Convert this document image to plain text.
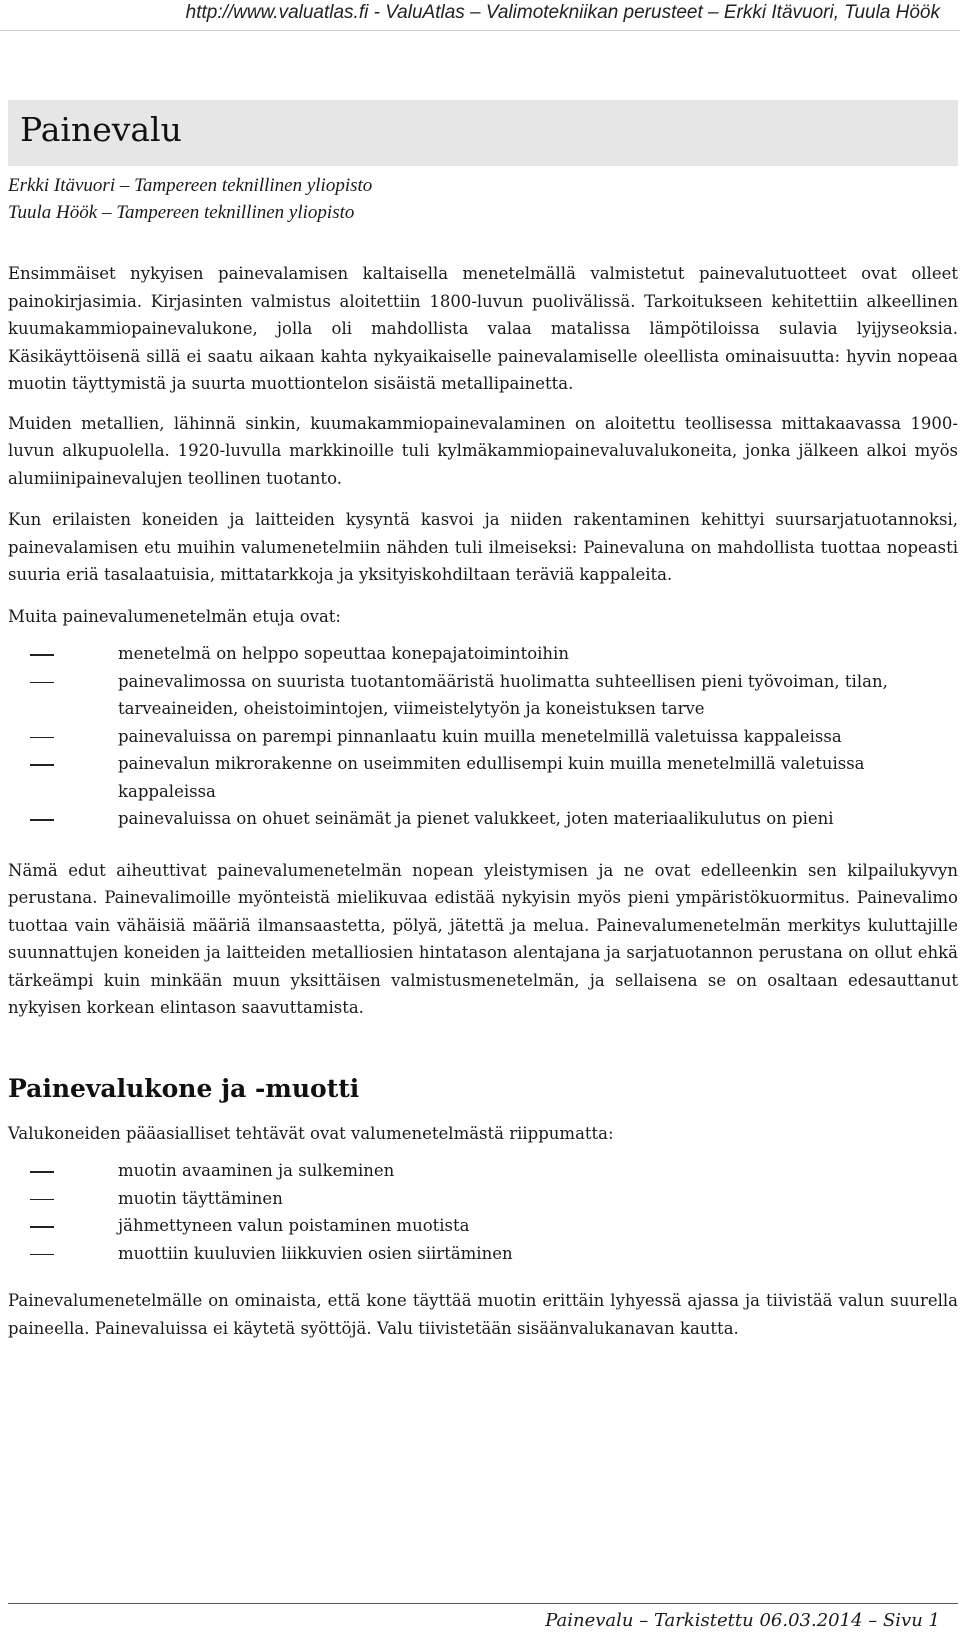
http://www.valuatlas.fi - ValuAtlas – Valimotekniikan perusteet – Erkki Itävuori, Tuula Höök
Painevalu
Erkki Itävuori – Tampereen teknillinen yliopisto
Tuula Höök – Tampereen teknillinen yliopisto

Ensimmäiset nykyisen painevalamisen kaltaisella menetelmällä valmistetut painevalutuotteet ovat olleet painokirjasimia. Kirjasinten valmistus aloitettiin 1800-luvun puolivälissä. Tarkoitukseen kehitettiin alkeellinen kuumakammiopainevalukone, jolla oli mahdollista valaa matalissa lämpötiloissa sulavia lyijyseoksia. Käsikäyttöisenä sillä ei saatu aikaan kahta nykyaikaiselle painevalamiselle oleellista ominaisuutta: hyvin nopeaa muotin täyttymistä ja suurta muottiontelon sisäistä metallipainetta.

Muiden metallien, lähinnä sinkin, kuumakammiopainevalaminen on aloitettu teollisessa mittakaavassa 1900-luvun alkupuolella. 1920-luvulla markkinoille tuli kylmäkammiopainevaluvalukoneita, jonka jälkeen alkoi myös alumiinipainevalujen teollinen tuotanto.

Kun erilaisten koneiden ja laitteiden kysyntä kasvoi ja niiden rakentaminen kehittyi suursarjatuotannoksi, painevalamisen etu muihin valumenetelmiin nähden tuli ilmeiseksi: Painevaluna on mahdollista tuottaa nopeasti suuria eriä tasalaatuisia, mittatarkkoja ja yksityiskohdiltaan teräviä kappaleita.

Muita painevalumenetelmän etuja ovat:

menetelmä on helppo sopeuttaa konepajatoimintoihin
painevalimossa on suurista tuotantomääristä huolimatta suhteellisen pieni työvoiman, tilan, tarveaineiden, oheistoimintojen, viimeistelytyön ja koneistuksen tarve
painevaluissa on parempi pinnanlaatu kuin muilla menetelmillä valetuissa kappaleissa
painevalun mikrorakenne on useimmiten edullisempi kuin muilla menetelmillä valetuissa kappaleissa
painevaluissa on ohuet seinämät ja pienet valukkeet, joten materiaalikulutus on pieni

Nämä edut aiheuttivat painevalumenetelmän nopean yleistymisen ja ne ovat edelleenkin sen kilpailukyvyn perustana. Painevalimoille myönteistä mielikuvaa edistää nykyisin myös pieni ympäristökuormitus. Painevalimo tuottaa vain vähäisiä määriä ilmansaastetta, pölyä, jätettä ja melua. Painevalumenetelmän merkitys kuluttajille suunnattujen koneiden ja laitteiden metalliosien hintatason alentajana ja sarjatuotannon perustana on ollut ehkä tärkeämpi kuin minkään muun yksittäisen valmistusmenetelmän, ja sellaisena se on osaltaan edesauttanut nykyisen korkean elintason saavuttamista.

Painevalukone ja -muotti

Valukoneiden pääasialliset tehtävät ovat valumenetelmästä riippumatta:

muotin avaaminen ja sulkeminen
muotin täyttäminen
jähmettyneen valun poistaminen muotista
muottiin kuuluvien liikkuvien osien siirtäminen

Painevalumenetelmälle on ominaista, että kone täyttää muotin erittäin lyhyessä ajassa ja tiivistää valun suurella paineella. Painevaluissa ei käytetä syöttöjä. Valu tiivistetään sisäänvalukanavan kautta.

Painevalu – Tarkistettu 06.03.2014 – Sivu 1
